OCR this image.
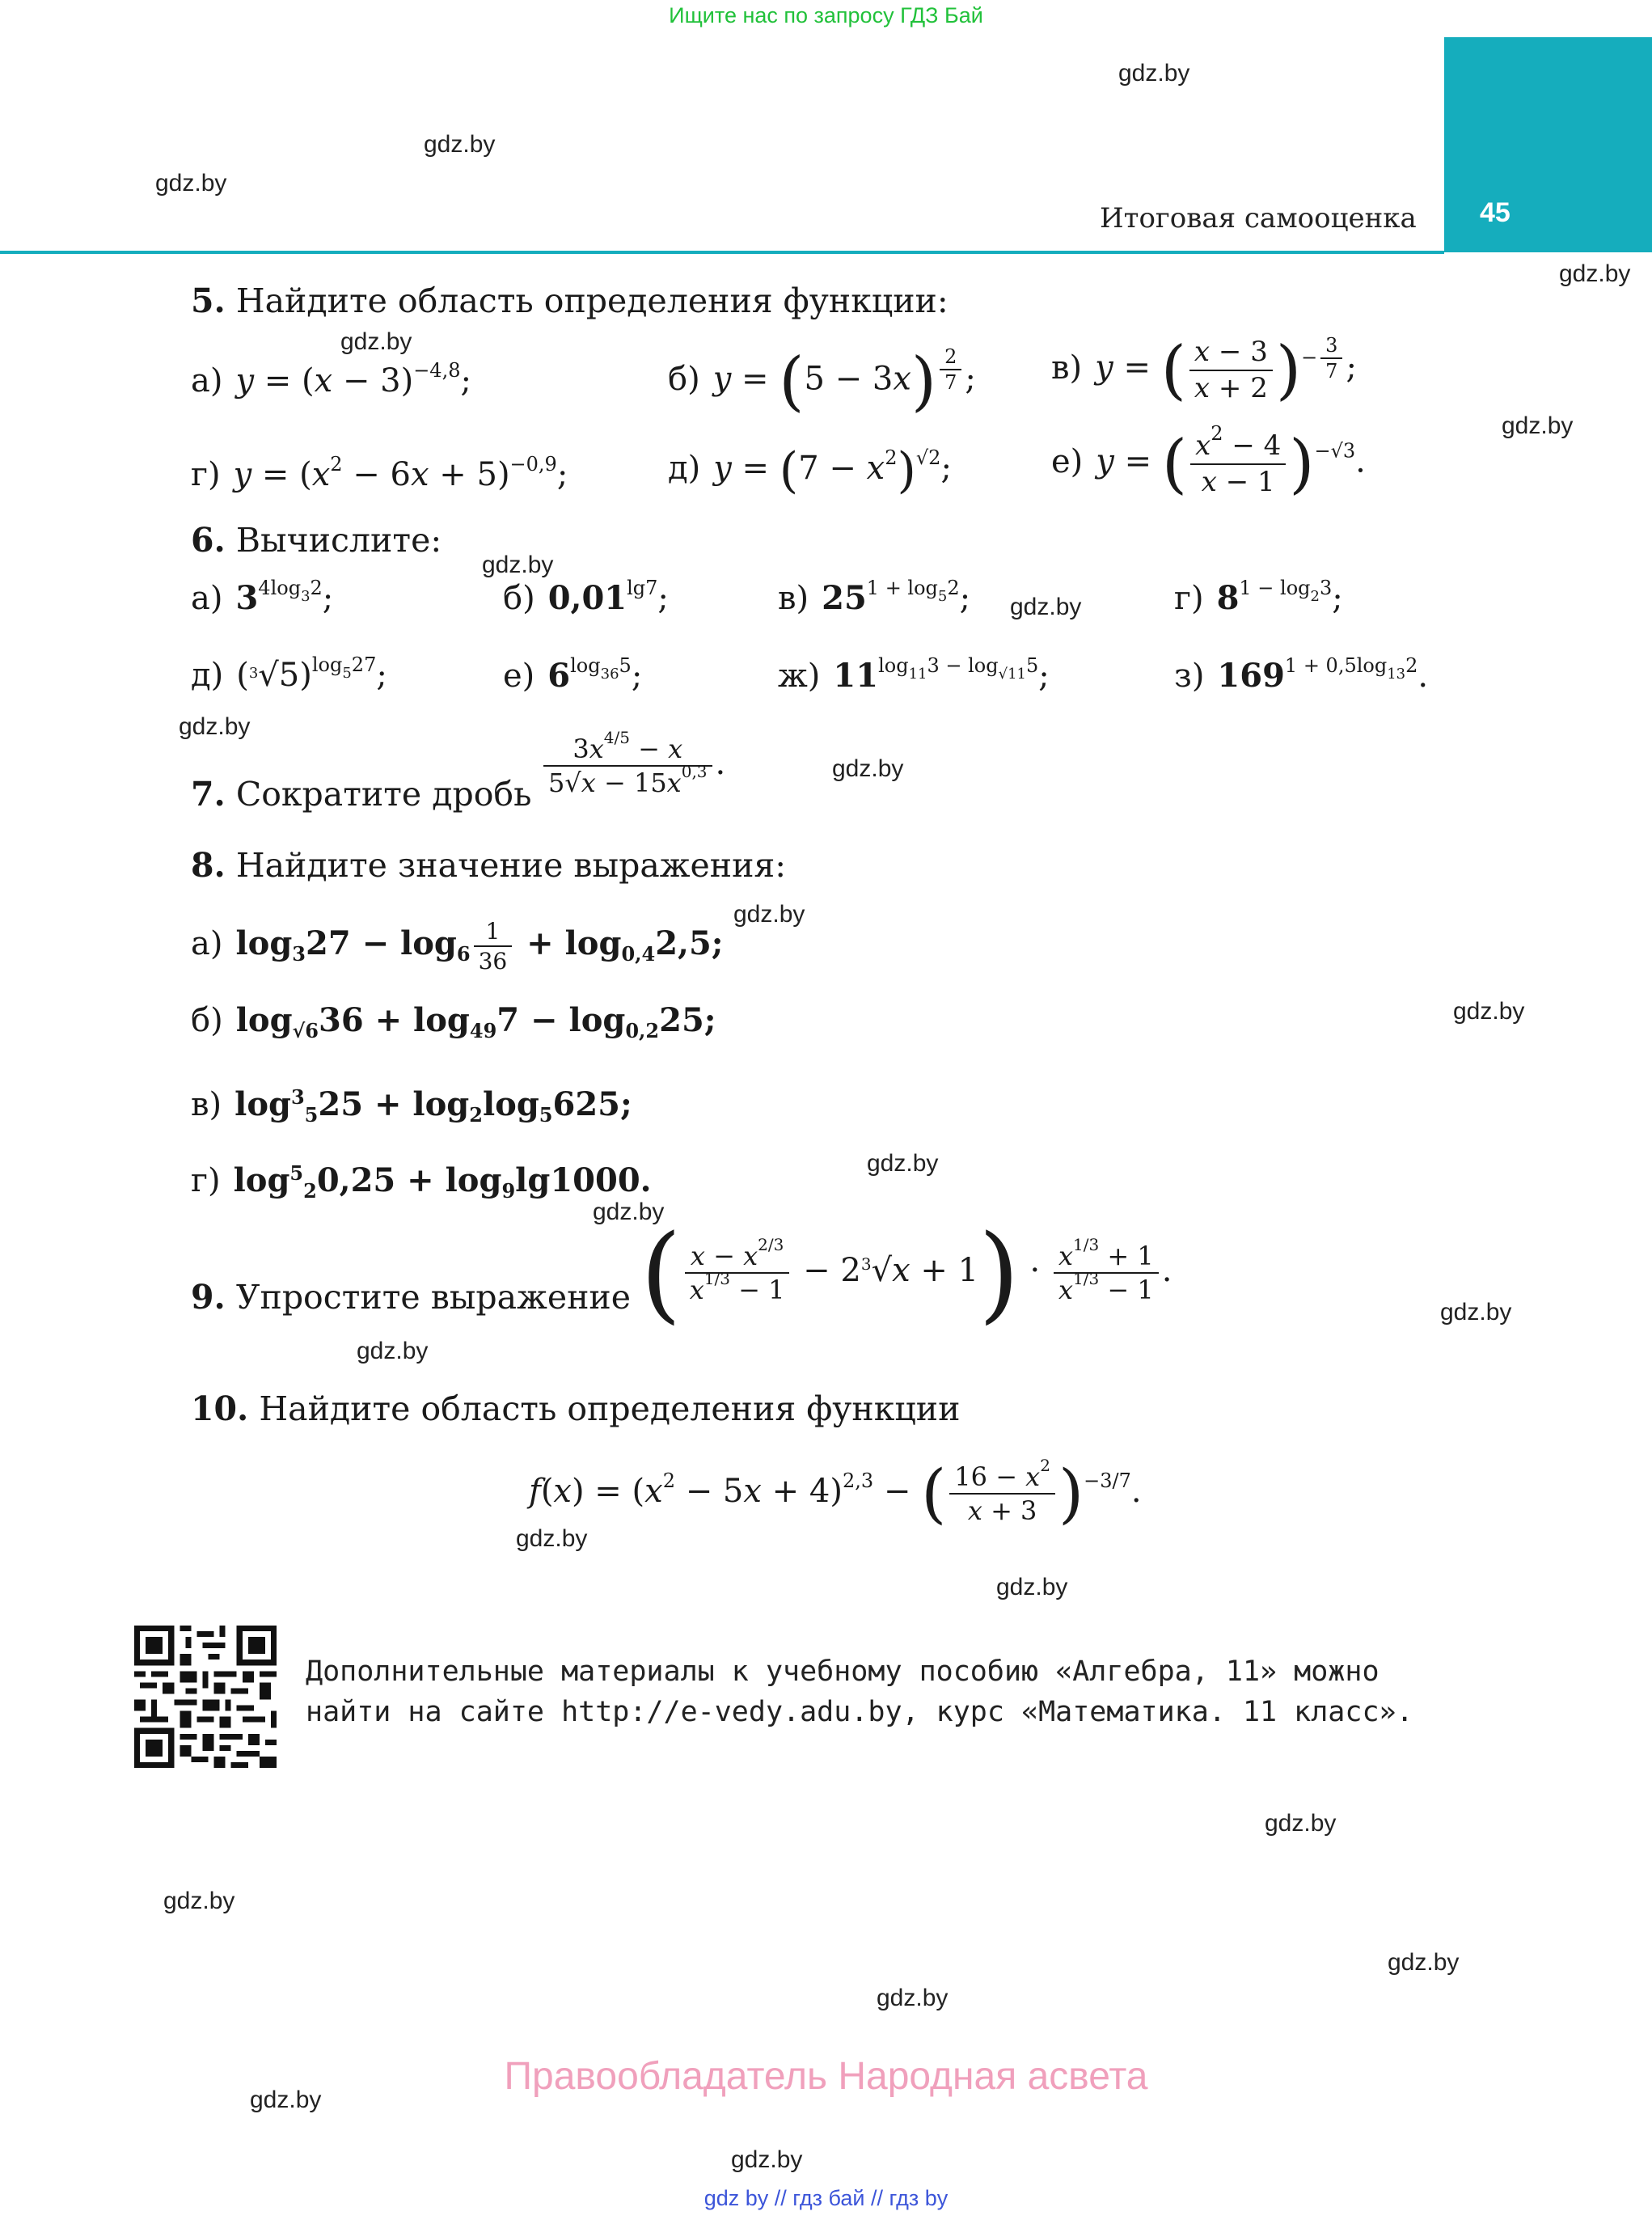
Ищите нас по запросу ГДЗ Бай
45
Итоговая самооценка
gdz.by
gdz.by
gdz.by
gdz.by
gdz.by
gdz.by
gdz.by
gdz.by
gdz.by
gdz.by
gdz.by
gdz.by
gdz.by
gdz.by
gdz.by
gdz.by
gdz.by
gdz.by
gdz.by
gdz.by
gdz.by
gdz.by
gdz.by
gdz.by
5. Найдите область определения функции:
а) $y = (x - 3)^{-4,8}$;	б) y = (5 − 3x) $^{\frac{2}{7}}$ ; в) y = ( $\frac{x - 3}{x + 2} )^{- \frac{3}{7}}$ ;
г) $y = (x^2 - 6x + 5)^{-0,9}$;	д) $y = (7 - x^2)^{√2}$;	е) y = ( $\frac{x^2 - 4}{x - 1} )^{-√3}$.
6. Вычислите:
а) $3^{4log_32}$;	б) $0,01^{lg7}$;	в) $25^{1 + log_52}$;	г) $8^{1 - log_23}$;
д) $(^3√5)^{log_527}$;	е) $6^{log_{36}5}$;	ж) $11^{log_{11}3 - log_{√11}5}$;	з) $169^{1 + 0,5log_{13}2}$.
7. Сократите дробь $\frac{3x^{4/5} - x}{5√x - 15x^{0,3}}$ .
8. Найдите значение выражения:
а) $\log_327 - \log_6 \frac{1}{36} + \log_{0,4}2,5$;
б) $\log_{√6}36 + \log_{49}7 - \log_{0,2}25$;
в) $\log^3_525 + \log_2\log_5625$;
г) $\log^5_20,25 + \log_9\lg 1000$.
9. Упростите выражение ( $\frac{x - x^{2/3}}{x^{1/3} - 1} - 2^3√x + 1) \cdot \frac{x^{1/3} + 1}{x^{1/3} - 1}$ .
10. Найдите область определения функции
$f(x) = (x^2 - 5x + 4)^{2,3}$ − ( $\frac{16 - x^2}{x + 3} )^{-3/7}$.
Дополнительные материалы к учебному пособию «Алгебра, 11» можно найти на сайте http://e-vedy.adu.by, курс «Математика. 11 класс».
Правообладатель Народная асвета
gdz by // гдз бай // гдз by
